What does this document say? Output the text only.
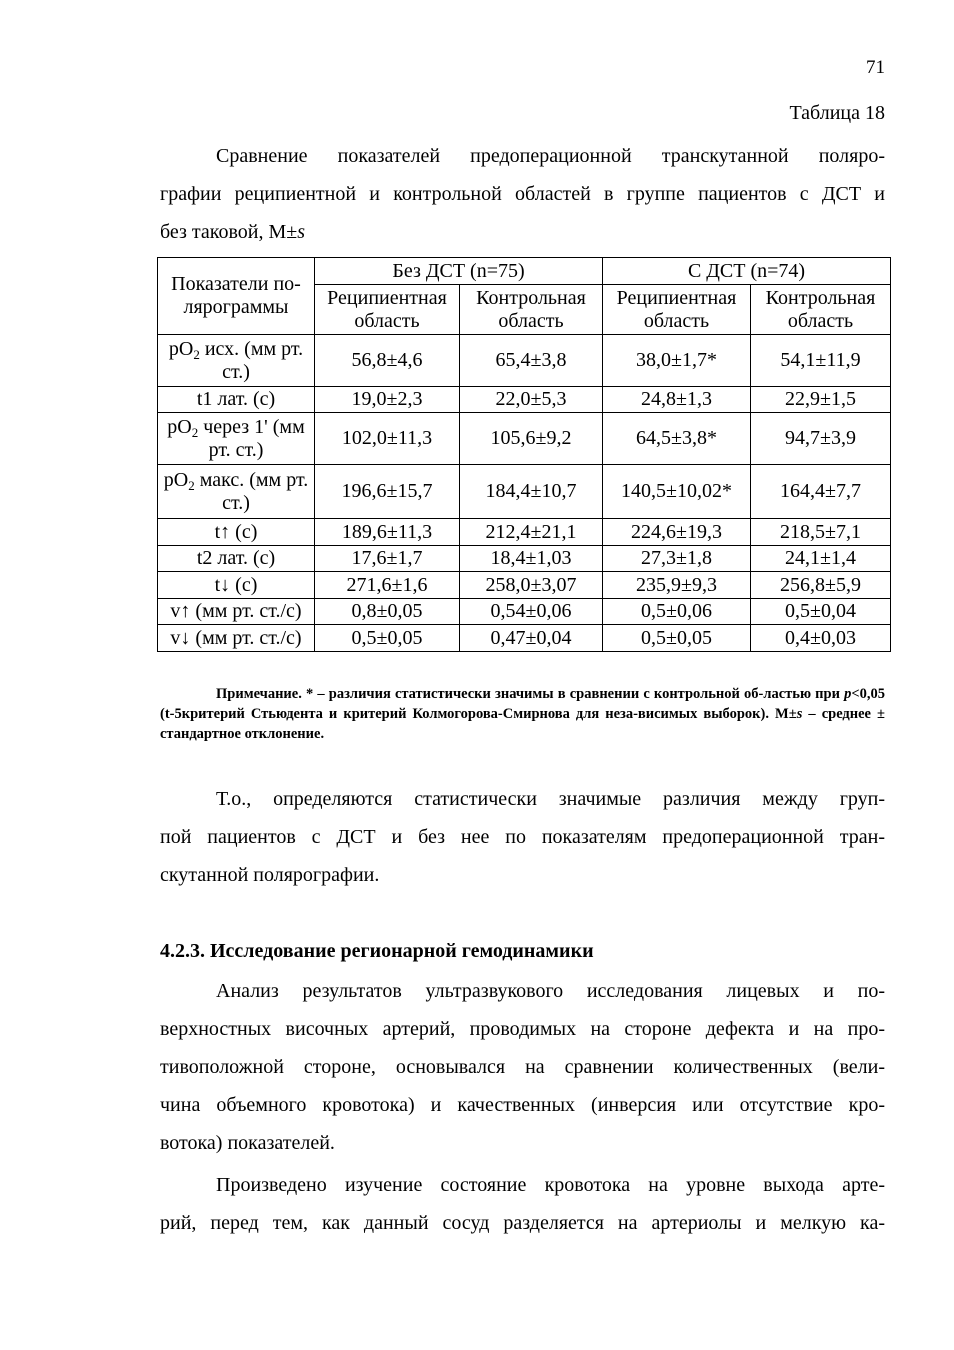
71
Таблица 18
Сравнение показателей предоперационной транскутанной поляро-
графии реципиентной и контрольной областей в группе пациентов с ДСТ и
без таковой, М±s
Показатели по-лярограммы	Без ДСТ (n=75)		С ДСТ (n=74)	
	Реципиентная область	Контрольная область	Реципиентная область	Контрольная область
$pO_2$ исх. (мм рт. ст.)	56,8±4,6	65,4±3,8	38,0±1,7*	54,1±11,9
t1 лат. (с)	19,0±2,3	22,0±5,3	24,8±1,3	22,9±1,5
$pO_2$ через 1' (мм рт. ст.)	102,0±11,3	105,6±9,2	64,5±3,8*	94,7±3,9
$pO_2$ макс. (мм рт. ст.)	196,6±15,7	184,4±10,7	140,5±10,02*	164,4±7,7
t↑ (с)	189,6±11,3	212,4±21,1	224,6±19,3	218,5±7,1
t2 лат. (с)	17,6±1,7	18,4±1,03	27,3±1,8	24,1±1,4
t↓ (с)	271,6±1,6	258,0±3,07	235,9±9,3	256,8±5,9
v↑ (мм рт. ст./с)	0,8±0,05	0,54±0,06	0,5±0,06	0,5±0,04
v↓ (мм рт. ст./с)	0,5±0,05	0,47±0,04	0,5±0,05	0,4±0,03
Примечание. * – различия статистически значимы в сравнении с контрольной об-ластью при p<0,05 (t-5критерий Стьюдента и критерий Колмогорова-Смирнова для неза-висимых выборок). М±s – среднее ± стандартное отклонение.
Т.о., определяются статистически значимые различия между груп-
пой пациентов с ДСТ и без нее по показателям предоперационной тран-
скутанной полярографии.
4.2.3. Исследование регионарной гемодинамики
Анализ результатов ультразвукового исследования лицевых и по-
верхностных височных артерий, проводимых на стороне дефекта и на про-
тивоположной стороне, основывался на сравнении количественных (вели-
чина объемного кровотока) и качественных (инверсия или отсутствие кро-
вотока) показателей.
Произведено изучение состояние кровотока на уровне выхода арте-
рий, перед тем, как данный сосуд разделяется на артериолы и мелкую ка-
